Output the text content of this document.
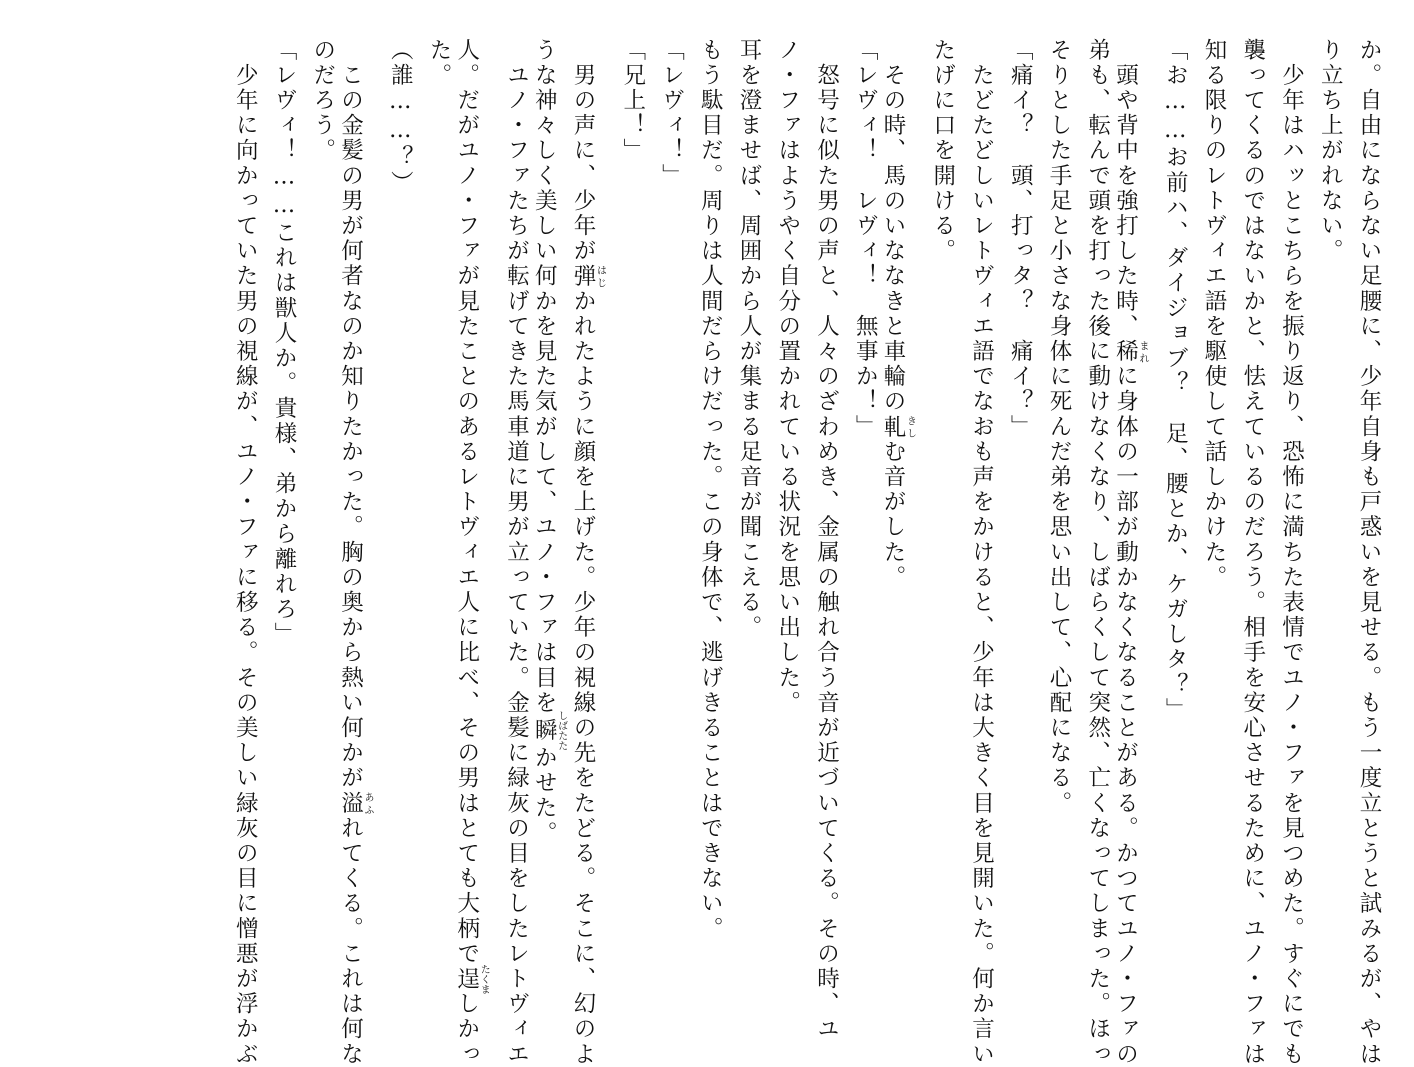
か。自由にならない足腰に、少年自身も戸惑いを見せる。もう一度立とうと試みるが、やは
り立ち上がれない。
　少年はハッとこちらを振り返り、恐怖に満ちた表情でユノ・ファを見つめた。すぐにでも
襲ってくるのではないかと、怯えているのだろう。相手を安心させるために、ユノ・ファは
知る限りのレトヴィエ語を駆使して話しかけた。
「お……お前ハ、ダイジョブ？　足、腰とか、ケガしタ？」
　頭や背中を強打した時、稀まれに身体の一部が動かなくなることがある。かつてユノ・ファの
弟も、転んで頭を打った後に動けなくなり、しばらくして突然、亡くなってしまった。ほっ
そりとした手足と小さな身体に死んだ弟を思い出して、心配になる。
「痛イ？　頭、打っタ？　痛イ？」
　たどたどしいレトヴィエ語でなおも声をかけると、少年は大きく目を見開いた。何か言い
たげに口を開ける。
　その時、馬のいななきと車輪の軋きしむ音がした。
「レヴィ！　レヴィ！　無事か！」
　怒号に似た男の声と、人々のざわめき、金属の触れ合う音が近づいてくる。その時、ユ
ノ・ファはようやく自分の置かれている状況を思い出した。
耳を澄ませば、周囲から人が集まる足音が聞こえる。
もう駄目だ。周りは人間だらけだった。この身体で、逃げきることはできない。
「レヴィ！」
「兄上！」
　男の声に、少年が弾はじかれたように顔を上げた。少年の視線の先をたどる。そこに、幻のよ
うな神々しく美しい何かを見た気がして、ユノ・ファは目を瞬しばたたかせた。
　ユノ・ファたちが転げてきた馬車道に男が立っていた。金髪に緑灰の目をしたレトヴィエ
人。だがユノ・ファが見たことのあるレトヴィエ人に比べ、その男はとても大柄で逞たくましかっ
た。
（誰……？）
　この金髪の男が何者なのか知りたかった。胸の奥から熱い何かが溢あふれてくる。これは何な
のだろう。
「レヴィ！……これは獣人か。貴様、弟から離れろ」
　少年に向かっていた男の視線が、ユノ・ファに移る。その美しい緑灰の目に憎悪が浮かぶ
